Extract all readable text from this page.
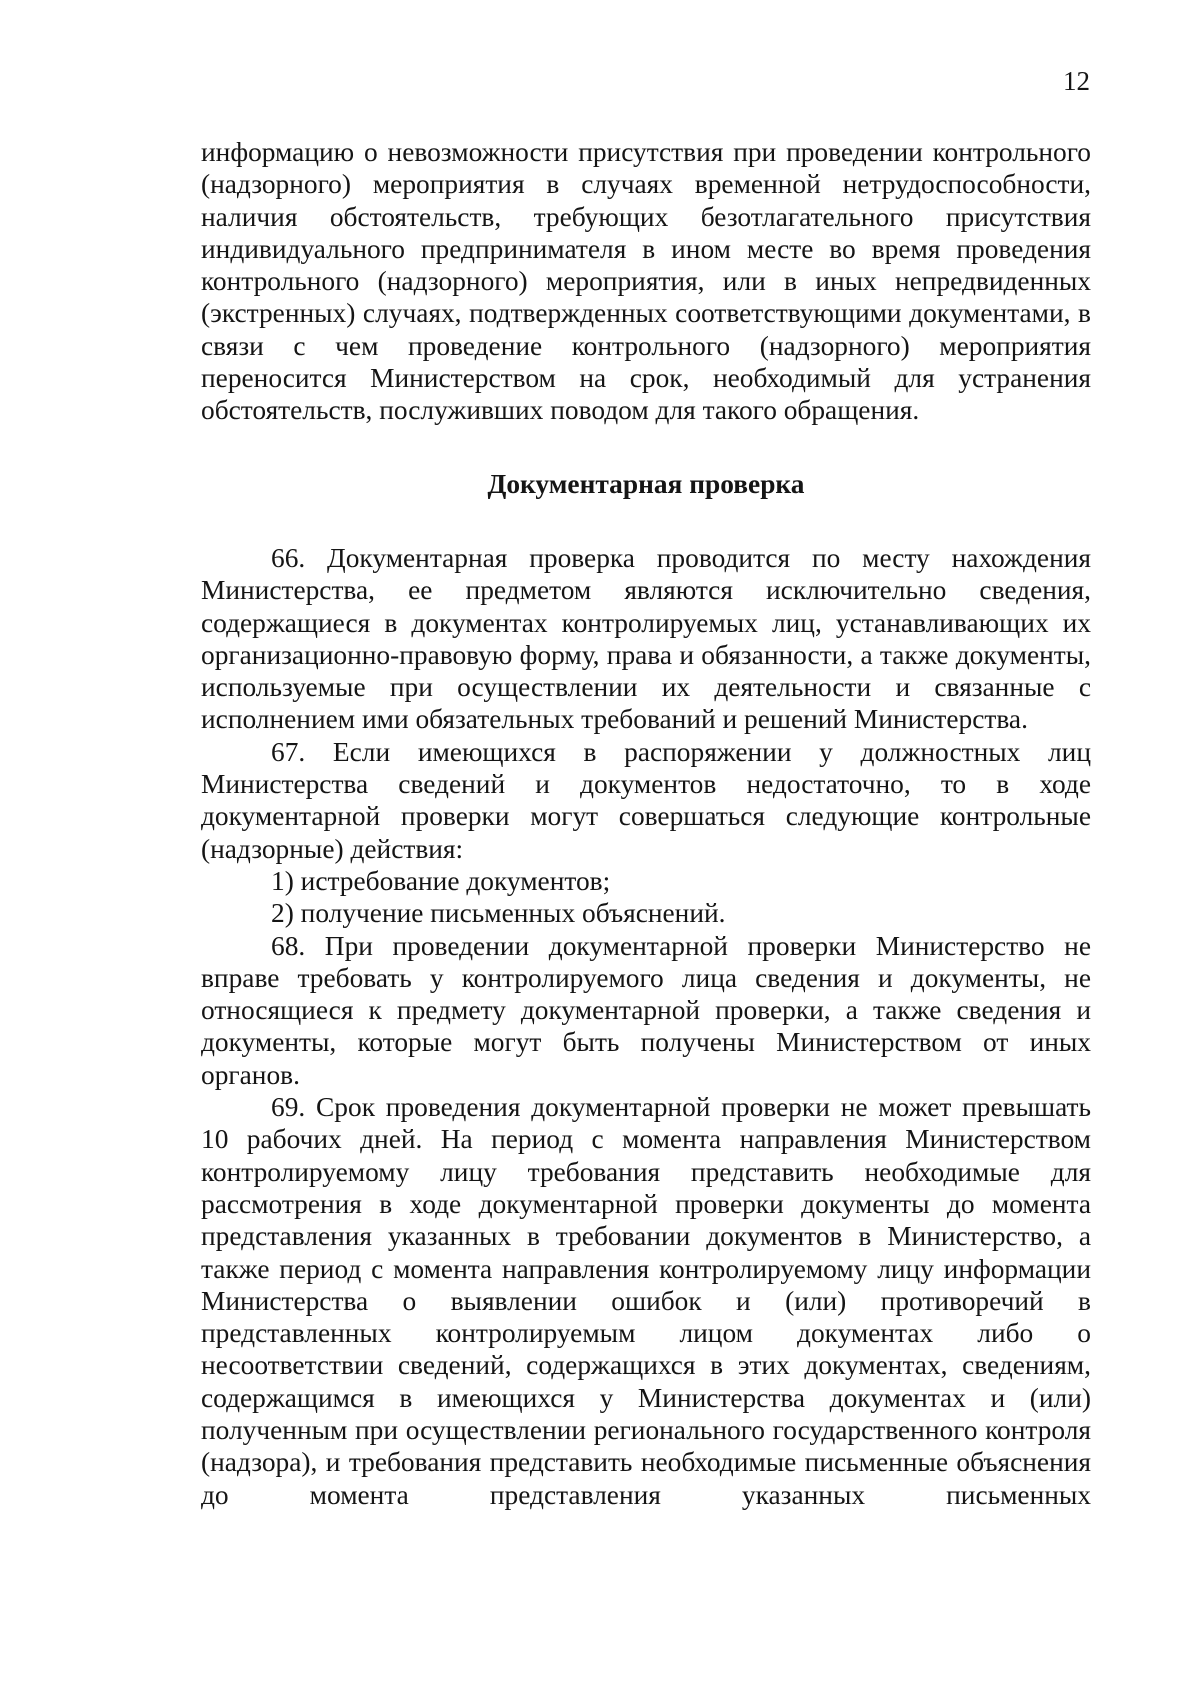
12

информацию о невозможности присутствия при проведении контрольного (надзорного) мероприятия в случаях временной нетрудоспособности, наличия обстоятельств, требующих безотлагательного присутствия индивидуального предпринимателя в ином месте во время проведения контрольного (надзорного) мероприятия, или в иных непредвиденных (экстренных) случаях, подтвержденных соответствующими документами, в связи с чем проведение контрольного (надзорного) мероприятия переносится Министерством на срок, необходимый для устранения обстоятельств, послуживших поводом для такого обращения.

Документарная проверка

66. Документарная проверка проводится по месту нахождения Министерства, ее предметом являются исключительно сведения, содержащиеся в документах контролируемых лиц, устанавливающих их организационно-правовую форму, права и обязанности, а также документы, используемые при осуществлении их деятельности и связанные с исполнением ими обязательных требований и решений Министерства.

67. Если имеющихся в распоряжении у должностных лиц Министерства сведений и документов недостаточно, то в ходе документарной проверки могут совершаться следующие контрольные (надзорные) действия:

1) истребование документов;

2) получение письменных объяснений.

68. При проведении документарной проверки Министерство не вправе требовать у контролируемого лица сведения и документы, не относящиеся к предмету документарной проверки, а также сведения и документы, которые могут быть получены Министерством от иных органов.

69. Срок проведения документарной проверки не может превышать 10 рабочих дней. На период с момента направления Министерством контролируемому лицу требования представить необходимые для рассмотрения в ходе документарной проверки документы до момента представления указанных в требовании документов в Министерство, а также период с момента направления контролируемому лицу информации Министерства о выявлении ошибок и (или) противоречий в представленных контролируемым лицом документах либо о несоответствии сведений, содержащихся в этих документах, сведениям, содержащимся в имеющихся у Министерства документах и (или) полученным при осуществлении регионального государственного контроля (надзора), и требования представить необходимые письменные объяснения до момента представления указанных письменных
